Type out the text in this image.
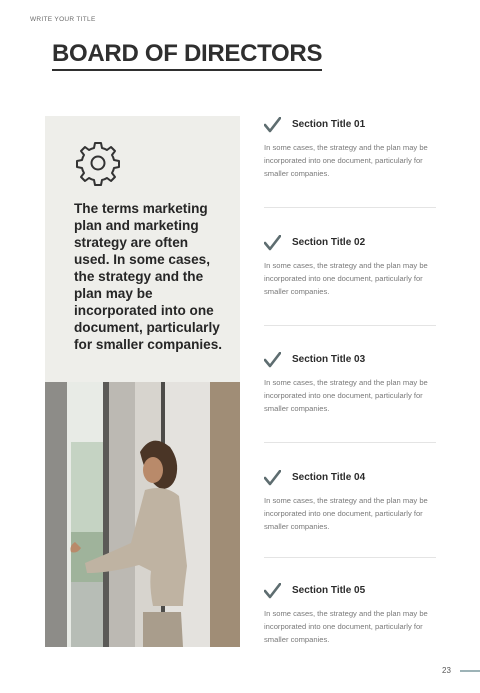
WRITE YOUR TITLE
BOARD OF DIRECTORS
The terms marketing plan and marketing strategy are often used. In some cases, the strategy and the plan may be incorporated into one document, particularly for smaller companies.
Section Title 01
In some cases, the strategy and the plan may be incorporated into one document, particularly for smaller companies.
Section Title 02
In some cases, the strategy and the plan may be incorporated into one document, particularly for smaller companies.
Section Title 03
In some cases, the strategy and the plan may be incorporated into one document, particularly for smaller companies.
Section Title 04
In some cases, the strategy and the plan may be incorporated into one document, particularly for smaller companies.
Section Title 05
In some cases, the strategy and the plan may be incorporated into one document, particularly for smaller companies.
23
